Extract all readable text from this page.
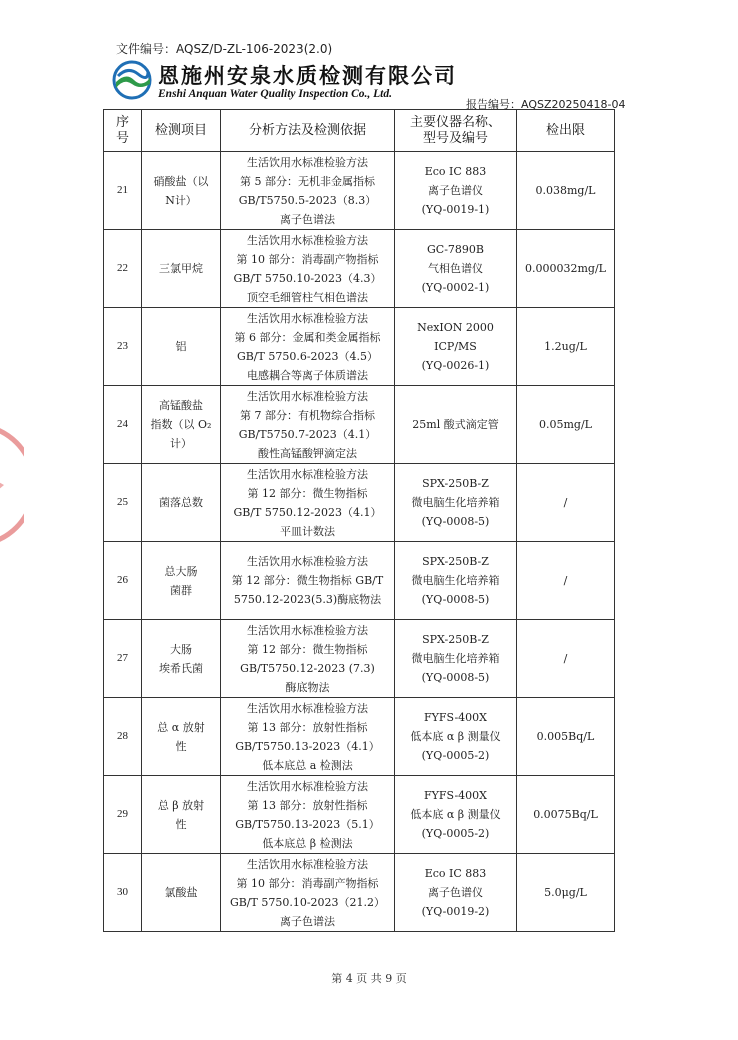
文件编号：AQSZ/D-ZL-106-2023(2.0)
恩施州安泉水质检测有限公司
Enshi Anquan Water Quality Inspection Co., Ltd.
报告编号：AQSZ20250418-04
序
号	检测项目	分析方法及检测依据	主要仪器名称、
型号及编号	检出限
21	硝酸盐（以
N计）	生活饮用水标准检验方法
第 5 部分：无机非金属指标
GB/T5750.5-2023（8.3）
离子色谱法	Eco IC 883
离子色谱仪
(YQ-0019-1)	0.038mg/L
22	三氯甲烷	生活饮用水标准检验方法
第 10 部分：消毒副产物指标
GB/T 5750.10-2023（4.3）
顶空毛细管柱气相色谱法	GC-7890B
气相色谱仪
(YQ-0002-1)	0.000032mg/L
23	铝	生活饮用水标准检验方法
第 6 部分：金属和类金属指标
GB/T 5750.6-2023（4.5）
电感耦合等离子体质谱法	NexION 2000
ICP/MS
(YQ-0026-1)	1.2ug/L
24	高锰酸盐
指数（以 O₂
计）	生活饮用水标准检验方法
第 7 部分：有机物综合指标
GB/T5750.7-2023（4.1）
酸性高锰酸钾滴定法	25ml 酸式滴定管	0.05mg/L
25	菌落总数	生活饮用水标准检验方法
第 12 部分：微生物指标
GB/T 5750.12-2023（4.1）
平皿计数法	SPX-250B-Z
微电脑生化培养箱
(YQ-0008-5)	/
26	总大肠
菌群	生活饮用水标准检验方法
第 12 部分：微生物指标 GB/T
5750.12-2023(5.3)酶底物法	SPX-250B-Z
微电脑生化培养箱
(YQ-0008-5)	/
27	大肠
埃希氏菌	生活饮用水标准检验方法
第 12 部分：微生物指标
GB/T5750.12-2023 (7.3)
酶底物法	SPX-250B-Z
微电脑生化培养箱
(YQ-0008-5)	/
28	总 α 放射
性	生活饮用水标准检验方法
第 13 部分：放射性指标
GB/T5750.13-2023（4.1）
低本底总 a 检测法	FYFS-400X
低本底 α β 测量仪
(YQ-0005-2)	0.005Bq/L
29	总 β 放射
性	生活饮用水标准检验方法
第 13 部分：放射性指标
GB/T5750.13-2023（5.1）
低本底总 β 检测法	FYFS-400X
低本底 α β 测量仪
(YQ-0005-2)	0.0075Bq/L
30	氯酸盐	生活饮用水标准检验方法
第 10 部分：消毒副产物指标
GB/T 5750.10-2023（21.2）
离子色谱法	Eco IC 883
离子色谱仪
(YQ-0019-2)	5.0μg/L
第 4 页 共 9 页
